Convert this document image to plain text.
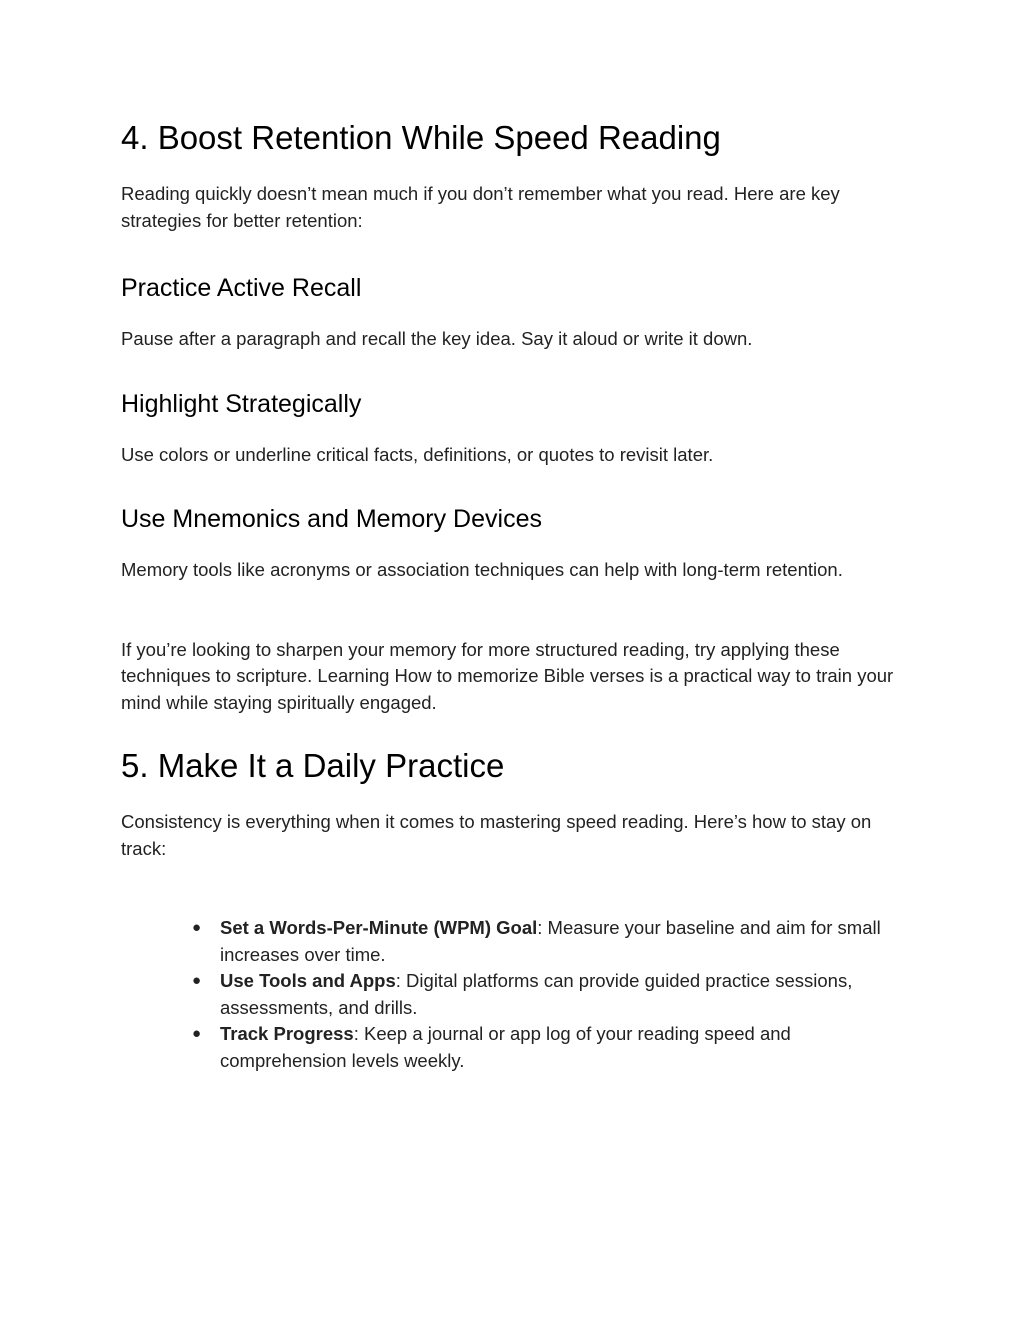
4. Boost Retention While Speed Reading

Reading quickly doesn’t mean much if you don’t remember what you read. Here are key strategies for better retention:

Practice Active Recall

Pause after a paragraph and recall the key idea. Say it aloud or write it down.

Highlight Strategically

Use colors or underline critical facts, definitions, or quotes to revisit later.

Use Mnemonics and Memory Devices

Memory tools like acronyms or association techniques can help with long-term retention.

If you’re looking to sharpen your memory for more structured reading, try applying these techniques to scripture. Learning How to memorize Bible verses is a practical way to train your mind while staying spiritually engaged.

5. Make It a Daily Practice

Consistency is everything when it comes to mastering speed reading. Here’s how to stay on track:

● Set a Words-Per-Minute (WPM) Goal: Measure your baseline and aim for small increases over time.
● Use Tools and Apps: Digital platforms can provide guided practice sessions, assessments, and drills.
● Track Progress: Keep a journal or app log of your reading speed and comprehension levels weekly.
